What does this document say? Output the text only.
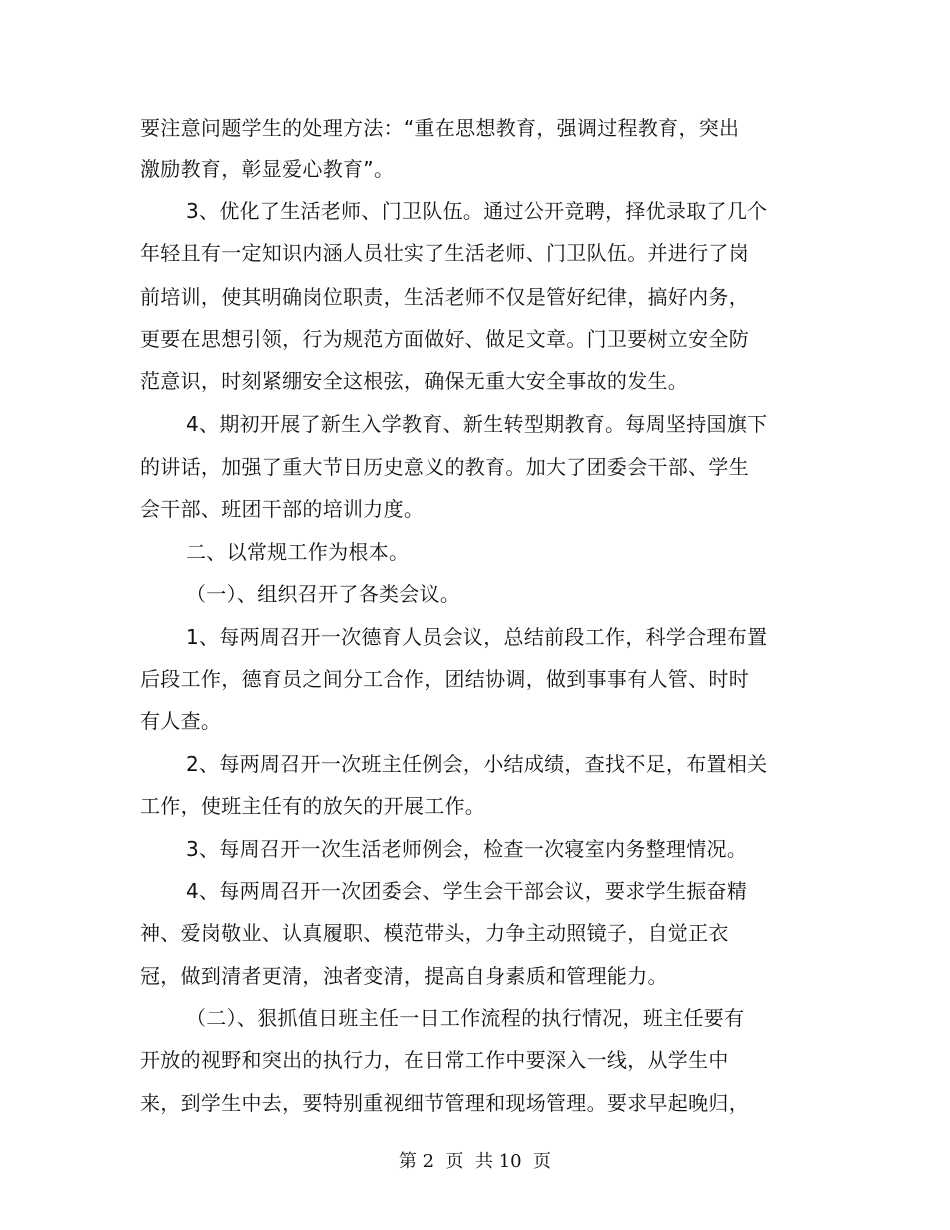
要注意问题学生的处理方法：“重在思想教育，强调过程教育，突出
激励教育，彰显爱心教育”。
3、优化了生活老师、门卫队伍。通过公开竞聘，择优录取了几个
年轻且有一定知识内涵人员壮实了生活老师、门卫队伍。并进行了岗
前培训，使其明确岗位职责，生活老师不仅是管好纪律，搞好内务，
更要在思想引领，行为规范方面做好、做足文章。门卫要树立安全防
范意识，时刻紧绷安全这根弦，确保无重大安全事故的发生。
4、期初开展了新生入学教育、新生转型期教育。每周坚持国旗下
的讲话，加强了重大节日历史意义的教育。加大了团委会干部、学生
会干部、班团干部的培训力度。
二、以常规工作为根本。
（一）、组织召开了各类会议。
1、每两周召开一次德育人员会议，总结前段工作，科学合理布置
后段工作，德育员之间分工合作，团结协调，做到事事有人管、时时
有人查。
2、每两周召开一次班主任例会，小结成绩，查找不足，布置相关
工作，使班主任有的放矢的开展工作。
3、每周召开一次生活老师例会，检查一次寝室内务整理情况。
4、每两周召开一次团委会、学生会干部会议，要求学生振奋精
神、爱岗敬业、认真履职、模范带头，力争主动照镜子，自觉正衣
冠，做到清者更清，浊者变清，提高自身素质和管理能力。
（二）、狠抓值日班主任一日工作流程的执行情况，班主任要有
开放的视野和突出的执行力，在日常工作中要深入一线，从学生中
来，到学生中去，要特别重视细节管理和现场管理。要求早起晚归，
第 2  页  共 10  页
